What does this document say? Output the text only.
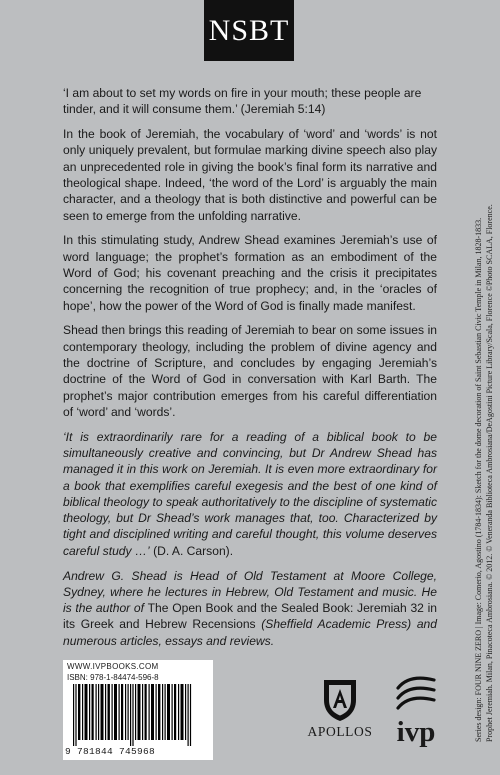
NSBT

‘I am about to set my words on fire in your mouth; these people are tinder, and it will consume them.’ (Jeremiah 5:14)

In the book of Jeremiah, the vocabulary of ‘word’ and ‘words’ is not only uniquely prevalent, but formulae marking divine speech also play an unprecedented role in giving the book’s final form its narrative and theological shape. Indeed, ‘the word of the Lord’ is arguably the main character, and a theology that is both distinctive and powerful can be seen to emerge from the unfolding narrative.

In this stimulating study, Andrew Shead examines Jeremiah’s use of word language; the prophet’s formation as an embodiment of the Word of God; his covenant preaching and the crisis it precipitates concerning the recognition of true prophecy; and, in the ‘oracles of hope’, how the power of the Word of God is finally made manifest.

Shead then brings this reading of Jeremiah to bear on some issues in contemporary theology, including the problem of divine agency and the doctrine of Scripture, and concludes by engaging Jeremiah’s doctrine of the Word of God in conversation with Karl Barth. The prophet’s major contribution emerges from his careful differentiation of ‘word’ and ‘words’.

‘It is extraordinarily rare for a reading of a biblical book to be simultaneously creative and convincing, but Dr Andrew Shead has managed it in this work on Jeremiah. It is even more extraordinary for a book that exemplifies careful exegesis and the best of one kind of biblical theology to speak authoritatively to the discipline of systematic theology, but Dr Shead’s work manages that, too. Characterized by tight and disciplined writing and careful thought, this volume deserves careful study …’ (D. A. Carson).

Andrew G. Shead is Head of Old Testament at Moore College, Sydney, where he lectures in Hebrew, Old Testament and music. He is the author of The Open Book and the Sealed Book: Jeremiah 32 in its Greek and Hebrew Recensions (Sheffield Academic Press) and numerous articles, essays and reviews.	Series design: FOUR NINE ZERO | Image: Comerio, Agostino (1784-1834): Sketch for the dome decoration of Saint Sebastian Civic Temple in Milan, 1828-1833. Prophet Jeremiah. Milan, Pinacoteca Ambrosiana. © 2012. © Veneranda Biblioteca Ambrosiana/DeAgostini Picture Library/Scala, Florence ©Photo SCALA, Florence.
WWW.IVPBOOKS.COM
ISBN: 978-1-84474-596-8
9 781844 745968
APOLLOS ivp
